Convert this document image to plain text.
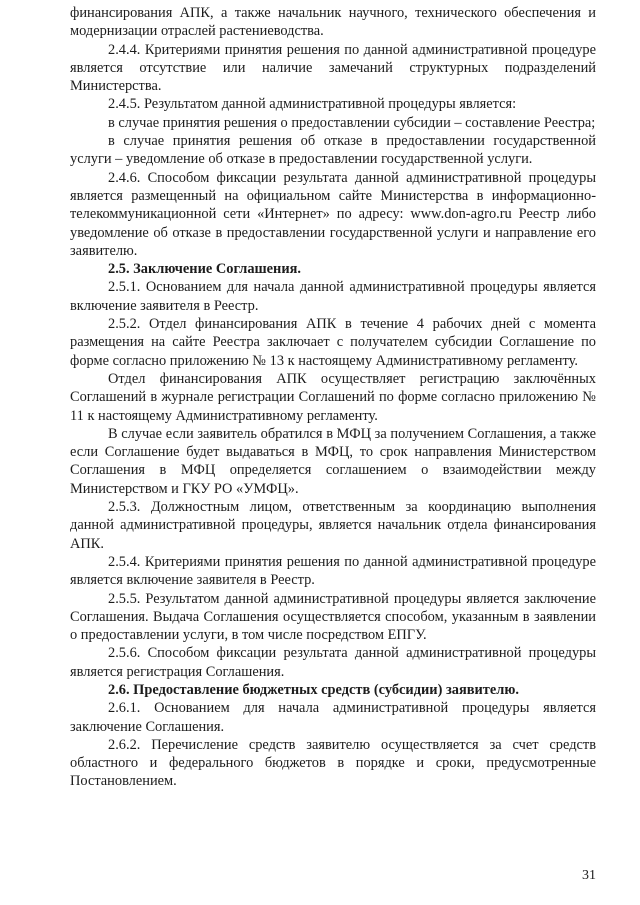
финансирования АПК, а также начальник научного, технического обеспечения и модернизации отраслей растениеводства.

2.4.4. Критериями принятия решения по данной административной процедуре является отсутствие или наличие замечаний структурных подразделений Министерства.

2.4.5. Результатом данной административной процедуры является:

в случае принятия решения о предоставлении субсидии – составление Реестра;

в случае принятия решения об отказе в предоставлении государственной услуги – уведомление об отказе в предоставлении государственной услуги.

2.4.6. Способом фиксации результата данной административной процедуры является размещенный на официальном сайте Министерства в информационно-телекоммуникационной сети «Интернет» по адресу: www.don-agro.ru Реестр либо уведомление об отказе в предоставлении государственной услуги и направление его заявителю.

2.5. Заключение Соглашения.

2.5.1. Основанием для начала данной административной процедуры является включение заявителя в Реестр.

2.5.2. Отдел финансирования АПК в течение 4 рабочих дней с момента размещения на сайте Реестра заключает с получателем субсидии Соглашение по форме согласно приложению № 13 к настоящему Административному регламенту.

Отдел финансирования АПК осуществляет регистрацию заключённых Соглашений в журнале регистрации Соглашений по форме согласно приложению № 11 к настоящему Административному регламенту.

В случае если заявитель обратился в МФЦ за получением Соглашения, а также если Соглашение будет выдаваться в МФЦ, то срок направления Министерством Соглашения в МФЦ определяется соглашением о взаимодействии между Министерством и ГКУ РО «УМФЦ».

2.5.3. Должностным лицом, ответственным за координацию выполнения данной административной процедуры, является начальник отдела финансирования АПК.

2.5.4. Критериями принятия решения по данной административной процедуре является включение заявителя в Реестр.

2.5.5. Результатом данной административной процедуры является заключение Соглашения. Выдача Соглашения осуществляется способом, указанным в заявлении о предоставлении услуги, в том числе посредством ЕПГУ.

2.5.6. Способом фиксации результата данной административной процедуры является регистрация Соглашения.

2.6. Предоставление бюджетных средств (субсидии) заявителю.

2.6.1. Основанием для начала административной процедуры является заключение Соглашения.

2.6.2. Перечисление средств заявителю осуществляется за счет средств областного и федерального бюджетов в порядке и сроки, предусмотренные Постановлением.

31
